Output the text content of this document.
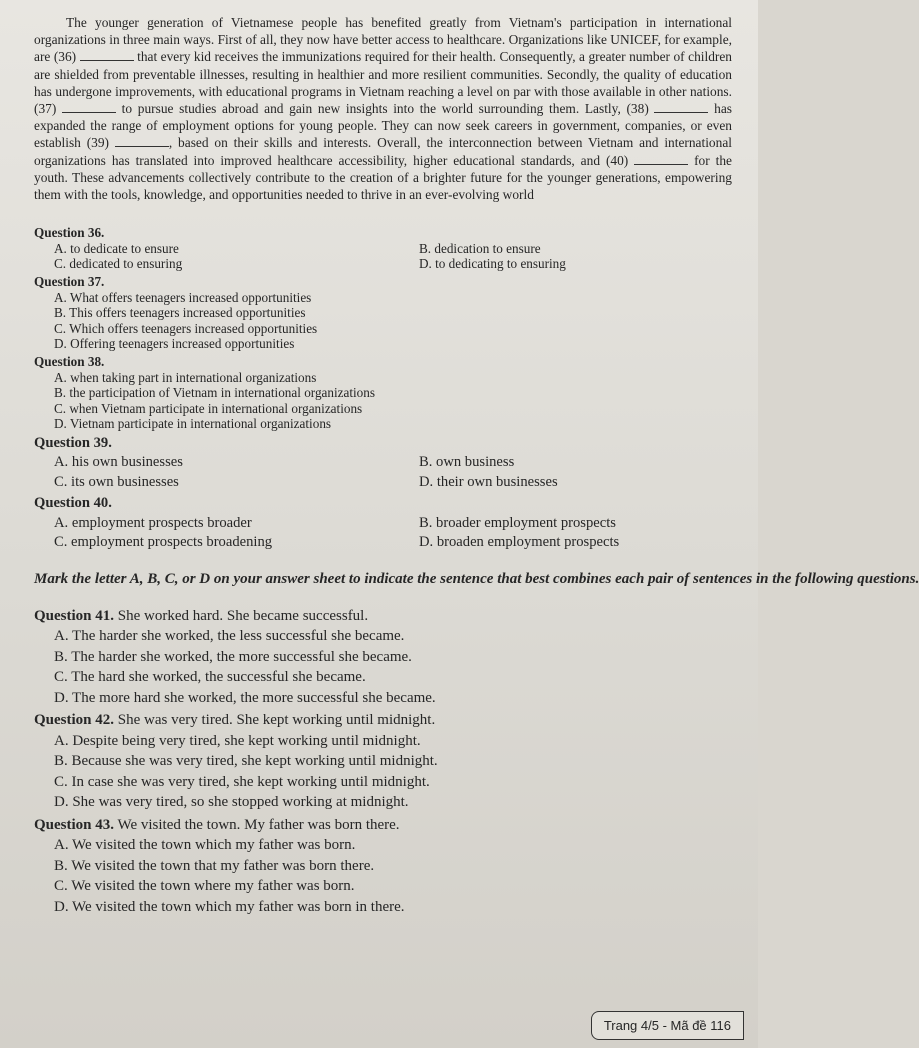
The younger generation of Vietnamese people has benefited greatly from Vietnam's participation in international organizations in three main ways. First of all, they now have better access to healthcare. Organizations like UNICEF, for example, are (36)	that every kid receives the immunizations required for their health. Consequently, a greater number of children are shielded from preventable illnesses, resulting in healthier and more resilient communities. Secondly, the quality of education has undergone improvements, with educational programs in Vietnam reaching a level on par with those available in other nations. (37)	to pursue studies abroad and gain new insights into the world surrounding them. Lastly, (38)	has expanded the range of employment options for young people. They can now seek careers in government, companies, or even establish (39)	, based on their skills and interests. Overall, the interconnection between Vietnam and international organizations has translated into improved healthcare accessibility, higher educational standards, and (40)	for the youth. These advancements collectively contribute to the creation of a brighter future for the younger generations, empowering them with the tools, knowledge, and opportunities needed to thrive in an ever-evolving world

Question 36.

A. to dedicate to ensure	B. dedication to ensure
C. dedicated to ensuring	D. to dedicating to ensuring

Question 37.

A. What offers teenagers increased opportunities
B. This offers teenagers increased opportunities
C. Which offers teenagers increased opportunities
D. Offering teenagers increased opportunities

Question 38.

A. when taking part in international organizations
B. the participation of Vietnam in international organizations
C. when Vietnam participate in international organizations
D. Vietnam participate in international organizations

Question 39.

A. his own businesses	B. own business
C. its own businesses	D. their own businesses

Question 40.

A. employment prospects broader	B. broader employment prospects
C. employment prospects broadening	D. broaden employment prospects

Mark the letter A, B, C, or D on your answer sheet to indicate the sentence that best combines each pair of sentences in the following questions.

Question 41. She worked hard. She became successful.
A. The harder she worked, the less successful she became.
B. The harder she worked, the more successful she became.
C. The hard she worked, the successful she became.
D. The more hard she worked, the more successful she became.
Question 42. She was very tired. She kept working until midnight.
A. Despite being very tired, she kept working until midnight.
B. Because she was very tired, she kept working until midnight.
C. In case she was very tired, she kept working until midnight.
D. She was very tired, so she stopped working at midnight.
Question 43. We visited the town. My father was born there.
A. We visited the town which my father was born.
B. We visited the town that my father was born there.
C. We visited the town where my father was born.
D. We visited the town which my father was born in there.
Trang 4/5 - Mã đề 116
